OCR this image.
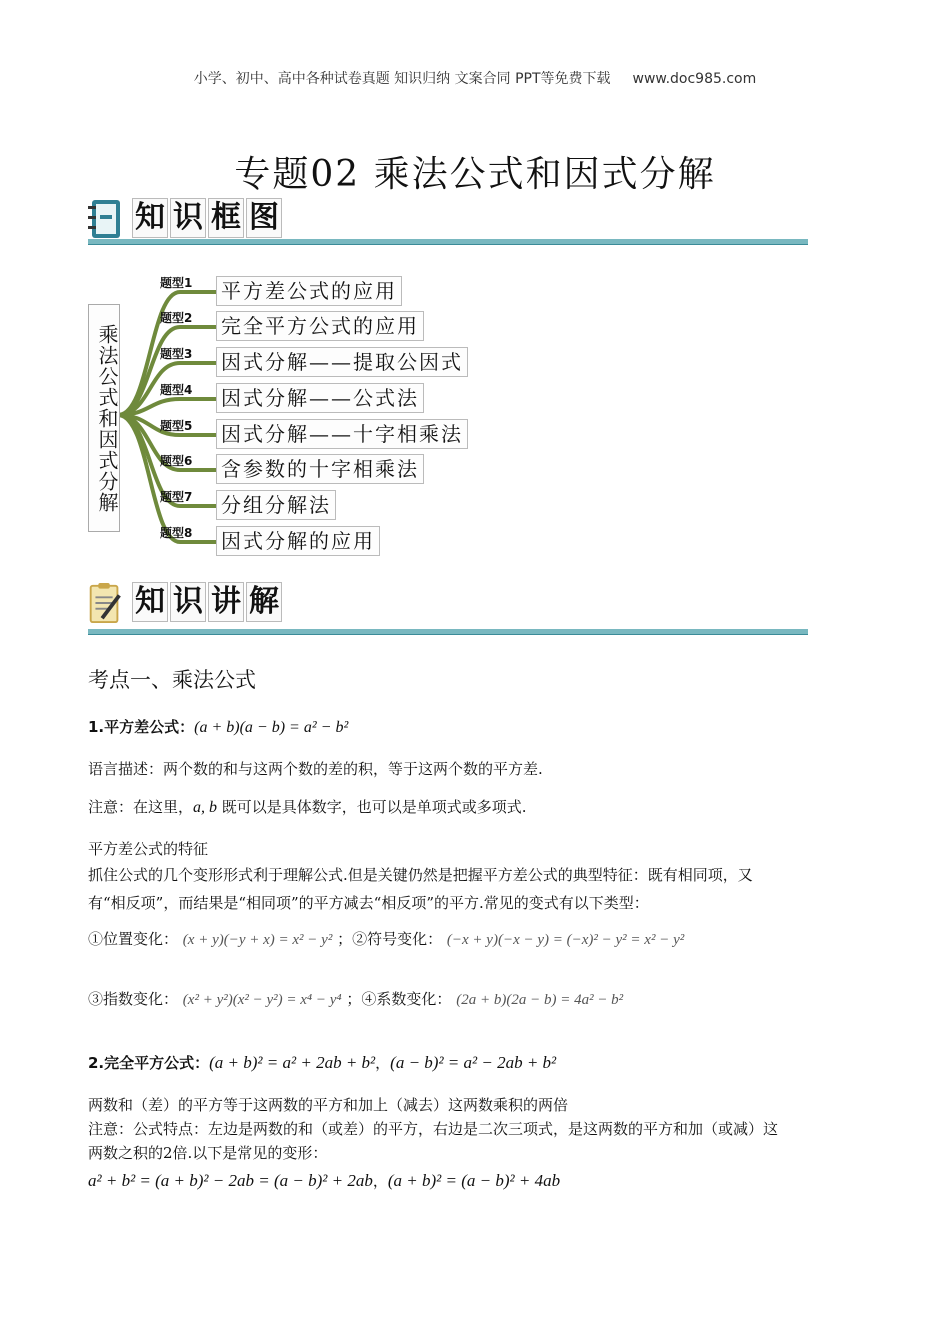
小学、初中、高中各种试卷真题 知识归纳 文案合同 PPT等免费下载 www.doc985.com
专题02 乘法公式和因式分解
知 识 框 图
乘法公式和因式分解
题型1 平方差公式的应用
题型2 完全平方公式的应用
题型3 因式分解——提取公因式
题型4 因式分解——公式法
题型5 因式分解——十字相乘法
题型6 含参数的十字相乘法
题型7 分组分解法
题型8 因式分解的应用
知 识 讲 解
考点一、乘法公式
1.平方差公式：(a + b)(a − b) = a² − b²
语言描述：两个数的和与这两个数的差的积，等于这两个数的平方差.
注意：在这里，a, b 既可以是具体数字，也可以是单项式或多项式.
平方差公式的特征
抓住公式的几个变形形式利于理解公式.但是关键仍然是把握平方差公式的典型特征：既有相同项，又
有“相反项”，而结果是“相同项”的平方减去“相反项”的平方.常见的变式有以下类型：
①位置变化： (x + y)(−y + x) = x² − y² ；②符号变化： (−x + y)(−x − y) = (−x)² − y² = x² − y²
③指数变化： (x² + y²)(x² − y²) = x⁴ − y⁴ ；④系数变化： (2a + b)(2a − b) = 4a² − b²
2.完全平方公式：(a + b)² = a² + 2ab + b²，(a − b)² = a² − 2ab + b²
两数和（差）的平方等于这两数的平方和加上（减去）这两数乘积的两倍
注意：公式特点：左边是两数的和（或差）的平方，右边是二次三项式，是这两数的平方和加（或减）这
两数之积的2倍.以下是常见的变形：
a² + b² = (a + b)² − 2ab = (a − b)² + 2ab，(a + b)² = (a − b)² + 4ab
